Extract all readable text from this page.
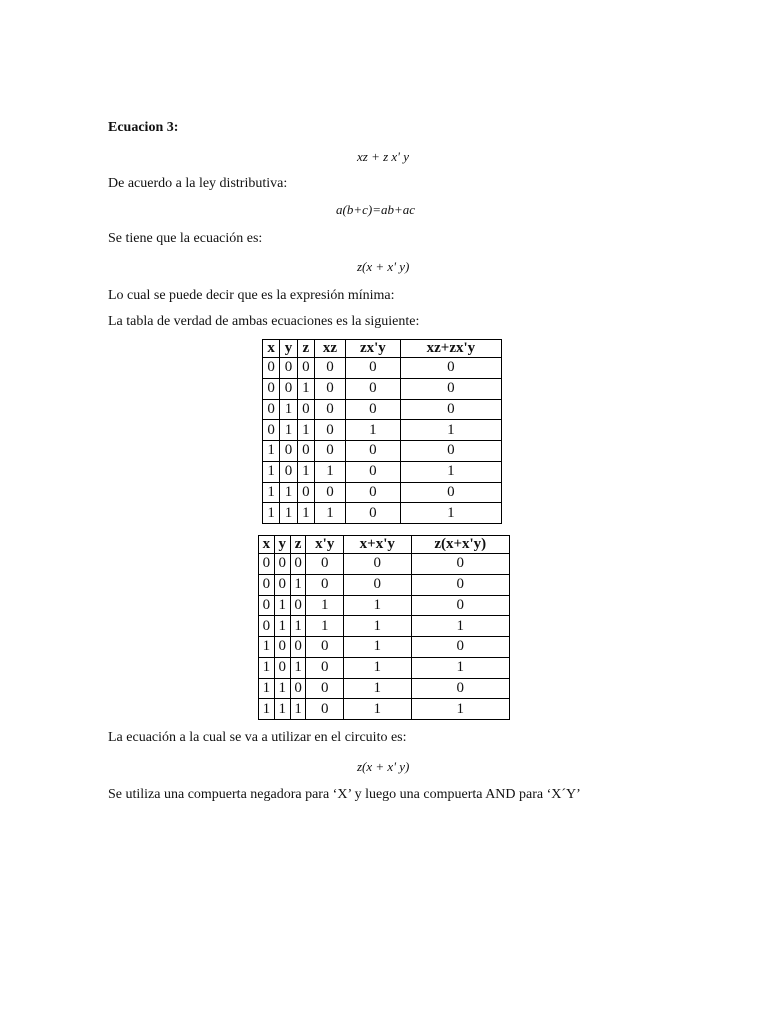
Ecuacion 3:
xz + z x' y
De acuerdo a la ley distributiva:
a(b+c)=ab+ac
Se tiene que la ecuación es:
z(x + x' y)
Lo cual se puede decir que es la expresión mínima:
La tabla de verdad de ambas ecuaciones es la siguiente:
x	y	z	xz	zx'y	xz+zx'y
0	0	0	0	0	0
0	0	1	0	0	0
0	1	0	0	0	0
0	1	1	0	1	1
1	0	0	0	0	0
1	0	1	1	0	1
1	1	0	0	0	0
1	1	1	1	0	1
x	y	z	x'y	x+x'y	z(x+x'y)
0	0	0	0	0	0
0	0	1	0	0	0
0	1	0	1	1	0
0	1	1	1	1	1
1	0	0	0	1	0
1	0	1	0	1	1
1	1	0	0	1	0
1	1	1	0	1	1
La ecuación a la cual se va a utilizar en el circuito es:
z(x + x' y)
Se utiliza una compuerta negadora para ‘X’ y luego una compuerta AND para ‘X´Y’
